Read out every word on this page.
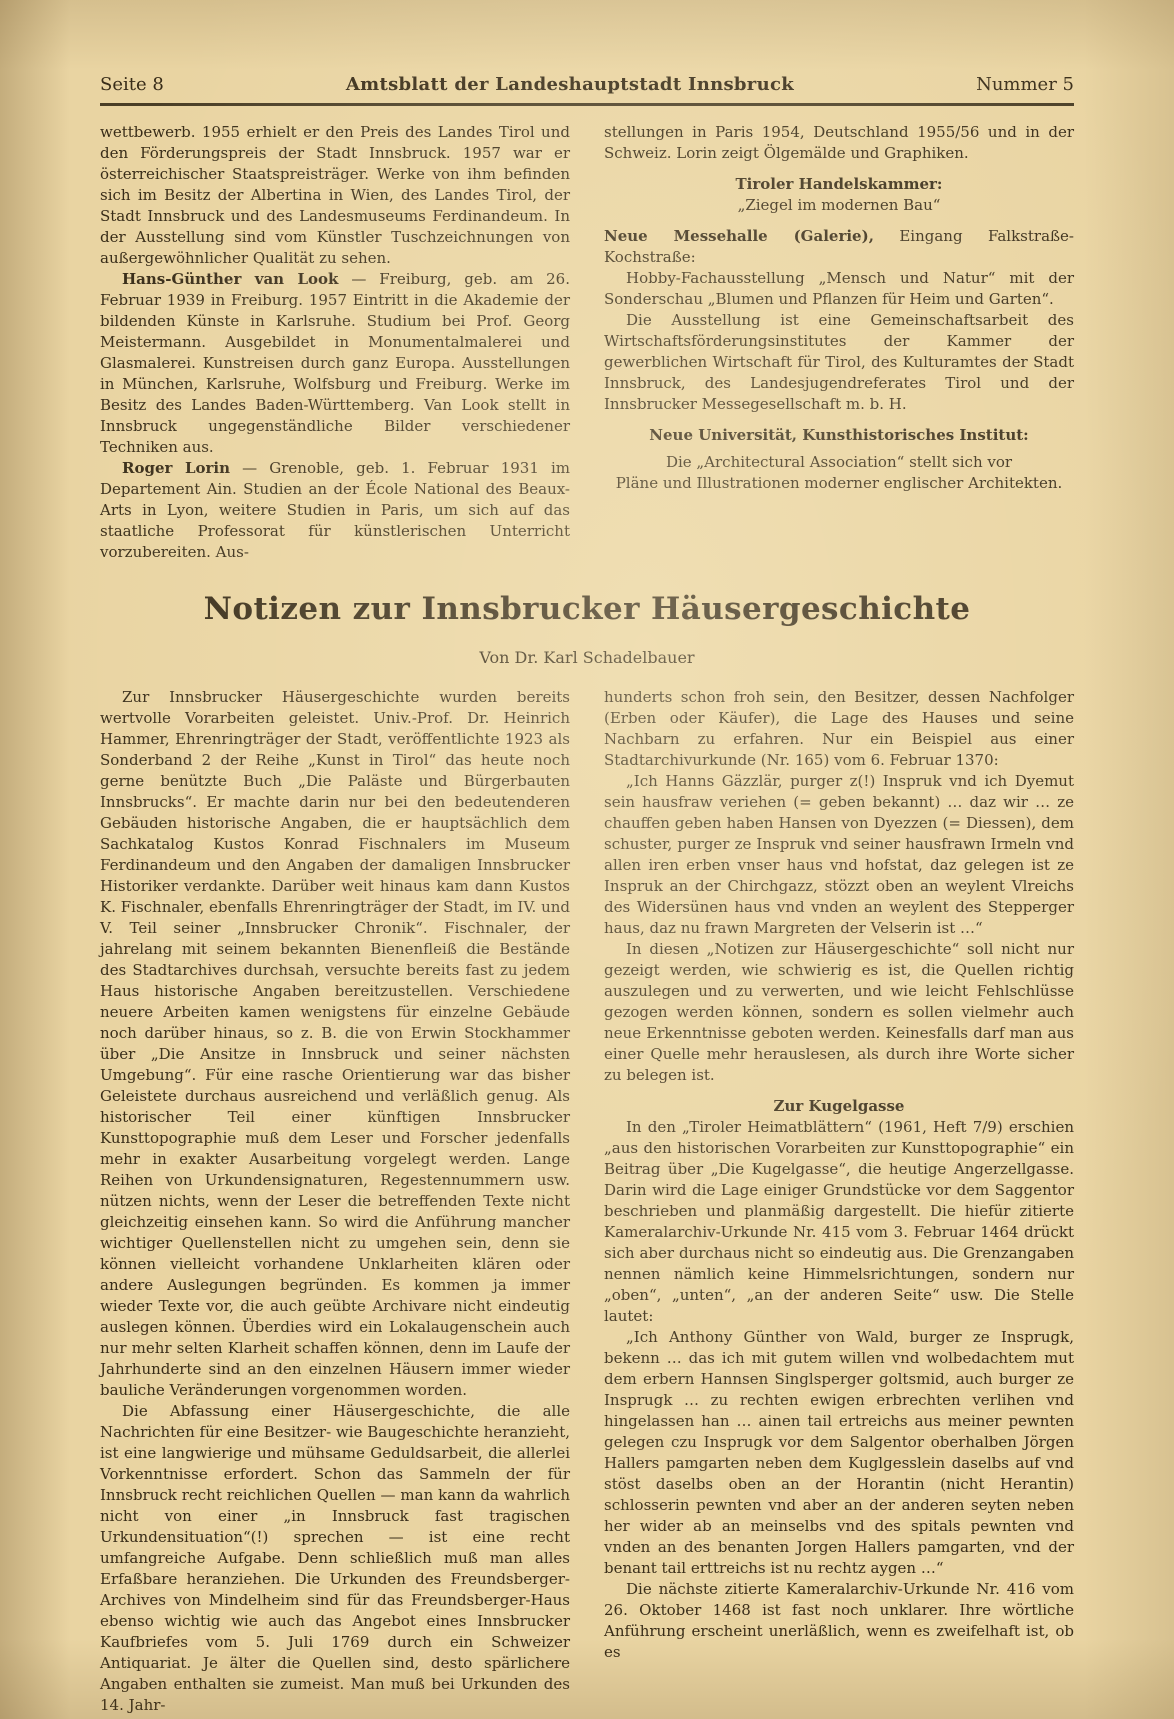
Seite 8	Amtsblatt der Landeshauptstadt Innsbruck	Nummer 5

wettbewerb. 1955 erhielt er den Preis des Landes Tirol und den Förderungspreis der Stadt Innsbruck. 1957 war er österreichischer Staatspreisträger. Werke von ihm befinden sich im Besitz der Albertina in Wien, des Landes Tirol, der Stadt Innsbruck und des Landesmuseums Ferdinandeum. In der Ausstellung sind vom Künstler Tuschzeichnungen von außergewöhnlicher Qualität zu sehen.

Hans-Günther van Look — Freiburg, geb. am 26. Februar 1939 in Freiburg. 1957 Eintritt in die Akademie der bildenden Künste in Karlsruhe. Studium bei Prof. Georg Meistermann. Ausgebildet in Monumentalmalerei und Glasmalerei. Kunstreisen durch ganz Europa. Ausstellungen in München, Karlsruhe, Wolfsburg und Freiburg. Werke im Besitz des Landes Baden-Württemberg. Van Look stellt in Innsbruck ungegenständliche Bilder verschiedener Techniken aus.

Roger Lorin — Grenoble, geb. 1. Februar 1931 im Departement Ain. Studien an der École National des Beaux-Arts in Lyon, weitere Studien in Paris, um sich auf das staatliche Professorat für künstlerischen Unterricht vorzubereiten. Aus-

stellungen in Paris 1954, Deutschland 1955/56 und in der Schweiz. Lorin zeigt Ölgemälde und Graphiken.

Tiroler Handelskammer:

„Ziegel im modernen Bau“

Neue Messehalle (Galerie), Eingang Falkstraße-Kochstraße:

Hobby-Fachausstellung „Mensch und Natur“ mit der Sonderschau „Blumen und Pflanzen für Heim und Garten“.

Die Ausstellung ist eine Gemeinschaftsarbeit des Wirtschaftsförderungsinstitutes der Kammer der gewerblichen Wirtschaft für Tirol, des Kulturamtes der Stadt Innsbruck, des Landesjugendreferates Tirol und der Innsbrucker Messegesellschaft m. b. H.

Neue Universität, Kunsthistorisches Institut:

Die „Architectural Association“ stellt sich vor

Pläne und Illustrationen moderner englischer Architekten.

Notizen zur Innsbrucker Häusergeschichte
Von Dr. Karl Schadelbauer

Zur Innsbrucker Häusergeschichte wurden bereits wertvolle Vorarbeiten geleistet. Univ.-Prof. Dr. Heinrich Hammer, Ehrenringträger der Stadt, veröffentlichte 1923 als Sonderband 2 der Reihe „Kunst in Tirol“ das heute noch gerne benützte Buch „Die Paläste und Bürgerbauten Innsbrucks“. Er machte darin nur bei den bedeutenderen Gebäuden historische Angaben, die er hauptsächlich dem Sachkatalog Kustos Konrad Fischnalers im Museum Ferdinandeum und den Angaben der damaligen Innsbrucker Historiker verdankte. Darüber weit hinaus kam dann Kustos K. Fischnaler, ebenfalls Ehrenringträger der Stadt, im IV. und V. Teil seiner „Innsbrucker Chronik“. Fischnaler, der jahrelang mit seinem bekannten Bienenfleiß die Bestände des Stadtarchives durchsah, versuchte bereits fast zu jedem Haus historische Angaben bereitzustellen. Verschiedene neuere Arbeiten kamen wenigstens für einzelne Gebäude noch darüber hinaus, so z. B. die von Erwin Stockhammer über „Die Ansitze in Innsbruck und seiner nächsten Umgebung“. Für eine rasche Orientierung war das bisher Geleistete durchaus ausreichend und verläßlich genug. Als historischer Teil einer künftigen Innsbrucker Kunsttopographie muß dem Leser und Forscher jedenfalls mehr in exakter Ausarbeitung vorgelegt werden. Lange Reihen von Urkundensignaturen, Regestennummern usw. nützen nichts, wenn der Leser die betreffenden Texte nicht gleichzeitig einsehen kann. So wird die Anführung mancher wichtiger Quellenstellen nicht zu umgehen sein, denn sie können vielleicht vorhandene Unklarheiten klären oder andere Auslegungen begründen. Es kommen ja immer wieder Texte vor, die auch geübte Archivare nicht eindeutig auslegen können. Überdies wird ein Lokalaugenschein auch nur mehr selten Klarheit schaffen können, denn im Laufe der Jahrhunderte sind an den einzelnen Häusern immer wieder bauliche Veränderungen vorgenommen worden.

Die Abfassung einer Häusergeschichte, die alle Nachrichten für eine Besitzer- wie Baugeschichte heranzieht, ist eine langwierige und mühsame Geduldsarbeit, die allerlei Vorkenntnisse erfordert. Schon das Sammeln der für Innsbruck recht reichlichen Quellen — man kann da wahrlich nicht von einer „in Innsbruck fast tragischen Urkundensituation“(!) sprechen — ist eine recht umfangreiche Aufgabe. Denn schließlich muß man alles Erfaßbare heranziehen. Die Urkunden des Freundsberger-Archives von Mindelheim sind für das Freundsberger-Haus ebenso wichtig wie auch das Angebot eines Innsbrucker Kaufbriefes vom 5. Juli 1769 durch ein Schweizer Antiquariat. Je älter die Quellen sind, desto spärlichere Angaben enthalten sie zumeist. Man muß bei Urkunden des 14. Jahr-

hunderts schon froh sein, den Besitzer, dessen Nachfolger (Erben oder Käufer), die Lage des Hauses und seine Nachbarn zu erfahren. Nur ein Beispiel aus einer Stadtarchivurkunde (Nr. 165) vom 6. Februar 1370:

„Ich Hanns Gäzzlär, purger z(!) Inspruk vnd ich Dyemut sein hausfraw veriehen (= geben bekannt) … daz wir … ze chauffen geben haben Hansen von Dyezzen (= Diessen), dem schuster, purger ze Inspruk vnd seiner hausfrawn Irmeln vnd allen iren erben vnser haus vnd hofstat, daz gelegen ist ze Inspruk an der Chirchgazz, stözzt oben an weylent Vlreichs des Widersünen haus vnd vnden an weylent des Stepperger haus, daz nu frawn Margreten der Velserin ist …“

In diesen „Notizen zur Häusergeschichte“ soll nicht nur gezeigt werden, wie schwierig es ist, die Quellen richtig auszulegen und zu verwerten, und wie leicht Fehlschlüsse gezogen werden können, sondern es sollen vielmehr auch neue Erkenntnisse geboten werden. Keinesfalls darf man aus einer Quelle mehr herauslesen, als durch ihre Worte sicher zu belegen ist.

Zur Kugelgasse

In den „Tiroler Heimatblättern“ (1961, Heft 7/9) erschien „aus den historischen Vorarbeiten zur Kunsttopographie“ ein Beitrag über „Die Kugelgasse“, die heutige Angerzellgasse. Darin wird die Lage einiger Grundstücke vor dem Saggentor beschrieben und planmäßig dargestellt. Die hiefür zitierte Kameralarchiv-Urkunde Nr. 415 vom 3. Februar 1464 drückt sich aber durchaus nicht so eindeutig aus. Die Grenzangaben nennen nämlich keine Himmelsrichtungen, sondern nur „oben“, „unten“, „an der anderen Seite“ usw. Die Stelle lautet:

„Ich Anthony Günther von Wald, burger ze Insprugk, bekenn … das ich mit gutem willen vnd wolbedachtem mut dem erbern Hannsen Singlsperger goltsmid, auch burger ze Insprugk … zu rechten ewigen erbrechten verlihen vnd hingelassen han … ainen tail ertreichs aus meiner pewnten gelegen czu Insprugk vor dem Salgentor oberhalben Jörgen Hallers pamgarten neben dem Kuglgesslein daselbs auf vnd stöst daselbs oben an der Horantin (nicht Herantin) schlosserin pewnten vnd aber an der anderen seyten neben her wider ab an meinselbs vnd des spitals pewnten vnd vnden an des benanten Jorgen Hallers pamgarten, vnd der benant tail erttreichs ist nu rechtz aygen …“

Die nächste zitierte Kameralarchiv-Urkunde Nr. 416 vom 26. Oktober 1468 ist fast noch unklarer. Ihre wörtliche Anführung erscheint unerläßlich, wenn es zweifelhaft ist, ob es
